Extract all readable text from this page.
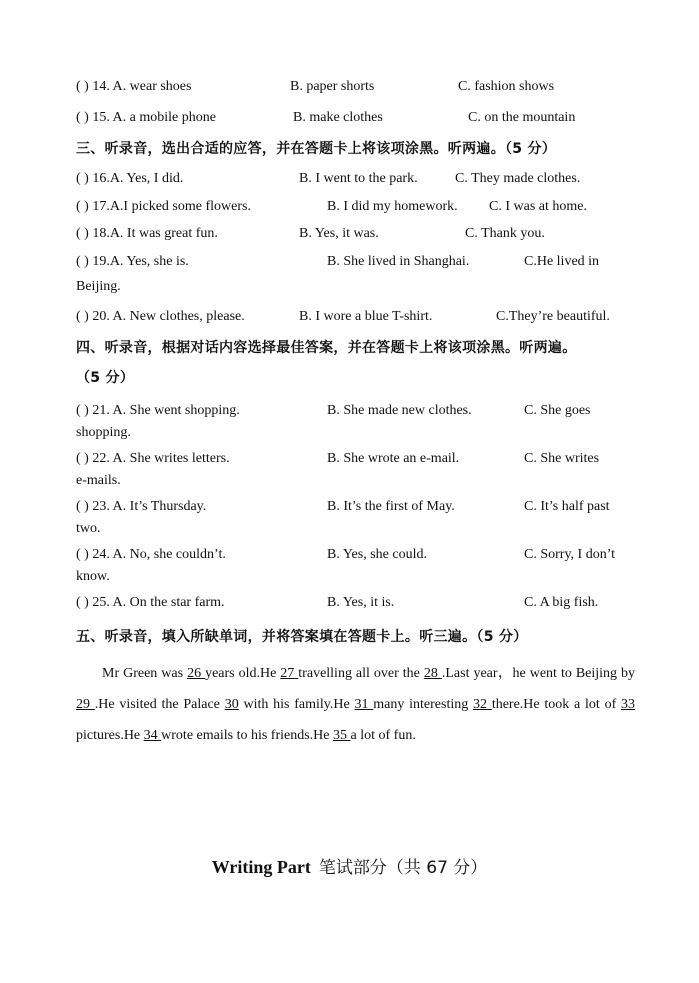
( ) 14. A. wear shoes	B. paper shorts	C. fashion shows
( ) 15. A. a mobile phone	B. make clothes	C. on the mountain
三、听录音，选出合适的应答，并在答题卡上将该项涂黑。听两遍。（5 分）
( ) 16.A. Yes, I did.	B. I went to the park.	C. They made clothes.
( ) 17.A.I picked some flowers.	B. I did my homework. C. I was at home.
( ) 18.A. It was great fun.	B. Yes, it was.	C. Thank you.
( ) 19.A. Yes, she is.	B. She lived in Shanghai.	C.He lived in
Beijing.
( ) 20. A. New clothes, please.	B. I wore a blue T-shirt.	C.They’re beautiful.
四、听录音，根据对话内容选择最佳答案，并在答题卡上将该项涂黑。听两遍。
（5 分）
( ) 21. A. She went shopping.	B. She made new clothes.	C. She goes
shopping.
( ) 22. A. She writes letters.	B. She wrote an e-mail.	C. She writes
e-mails.
( ) 23. A. It’s Thursday.	B. It’s the first of May.	C. It’s half past
two.
( ) 24. A. No, she couldn’t.	B. Yes, she could.	C. Sorry, I don’t
know.
( ) 25. A. On the star farm.	B. Yes, it is.	C. A big fish.
五、听录音，填入所缺单词，并将答案填在答题卡上。听三遍。（5 分）
Mr Green was 26 years old.He 27 travelling all over the 28 .Last year，he went to Beijing by 29 .He visited the Palace 30 with his family.He 31 many interesting 32 there.He took a lot of 33 pictures.He 34 wrote emails to his friends.He 35 a lot of fun.
Writing Part 笔试部分（共 67 分）
